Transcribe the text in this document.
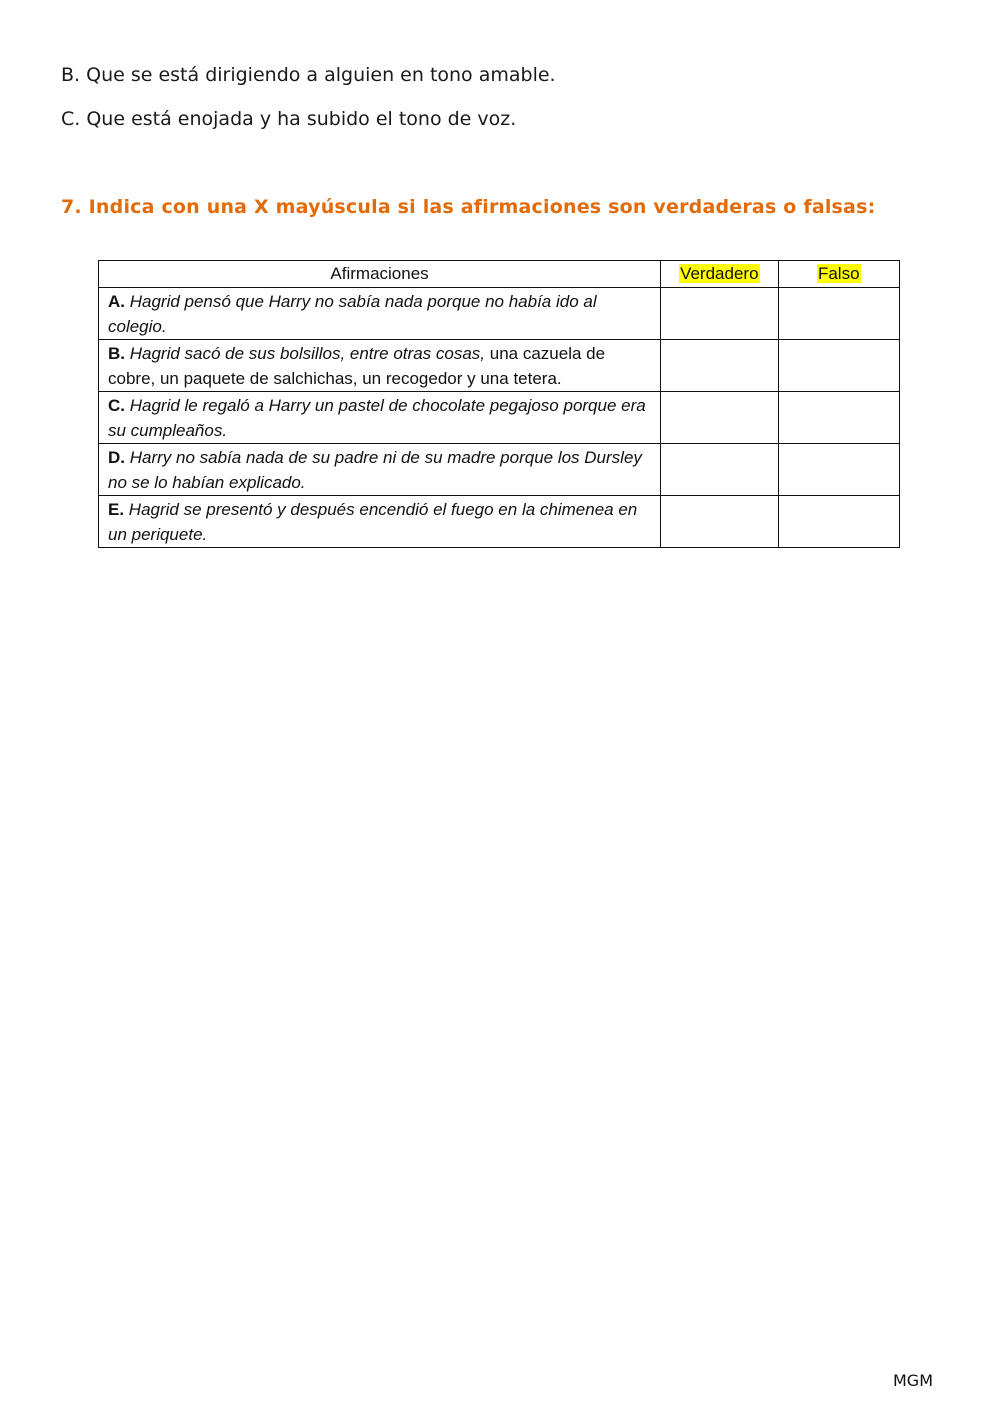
B. Que se está dirigiendo a alguien en tono amable.
C. Que está enojada y ha subido el tono de voz.
7. Indica con una X mayúscula si las afirmaciones son verdaderas o falsas:
Afirmaciones	Verdadero	Falso
A. Hagrid pensó que Harry no sabía nada porque no había ido al colegio.		
B. Hagrid sacó de sus bolsillos, entre otras cosas, una cazuela de cobre, un paquete de salchichas, un recogedor y una tetera.		
C. Hagrid le regaló a Harry un pastel de chocolate pegajoso porque era su cumpleaños.		
D. Harry no sabía nada de su padre ni de su madre porque los Dursley no se lo habían explicado.		
E. Hagrid se presentó y después encendió el fuego en la chimenea en un periquete.		
MGM
